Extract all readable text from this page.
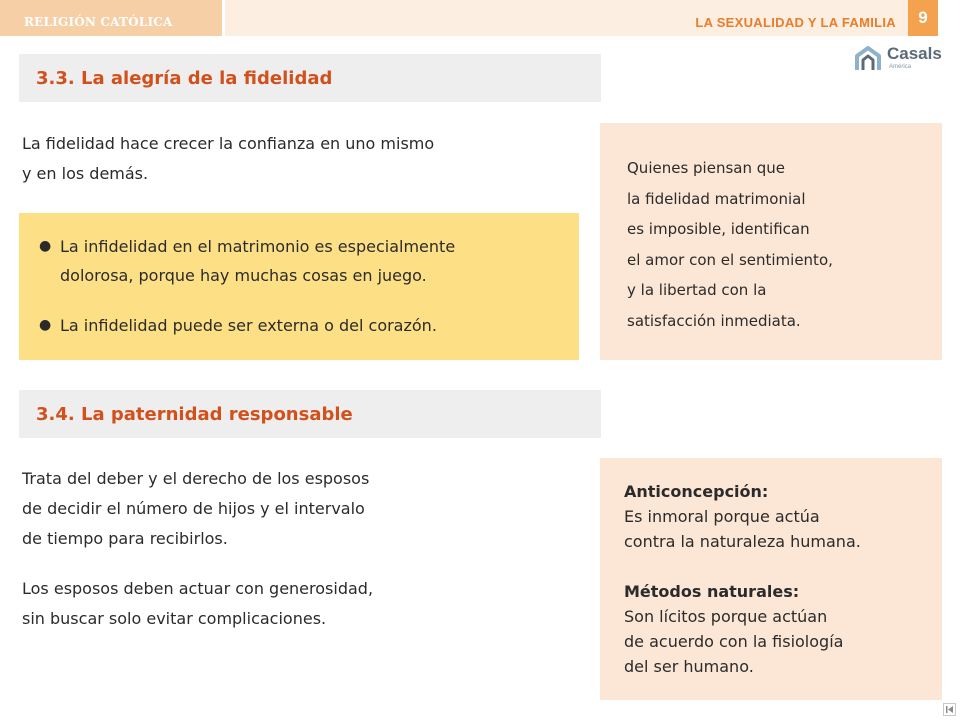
RELIGIÓN CATÓLICA	LA SEXUALIDAD Y LA FAMILIA	9
Casals
América
3.3. La alegría de la fidelidad
La fidelidad hace crecer la confianza en uno mismo
y en los demás.
● La infidelidad en el matrimonio es especialmente
dolorosa, porque hay muchas cosas en juego.
● La infidelidad puede ser externa o del corazón.
Quienes piensan que
la fidelidad matrimonial
es imposible, identifican
el amor con el sentimiento,
y la libertad con la
satisfacción inmediata.
3.4. La paternidad responsable
Trata del deber y el derecho de los esposos
de decidir el número de hijos y el intervalo
de tiempo para recibirlos.
Los esposos deben actuar con generosidad,
sin buscar solo evitar complicaciones.
Anticoncepción:
Es inmoral porque actúa
contra la naturaleza humana.
Métodos naturales:
Son lícitos porque actúan
de acuerdo con la fisiología
del ser humano.
